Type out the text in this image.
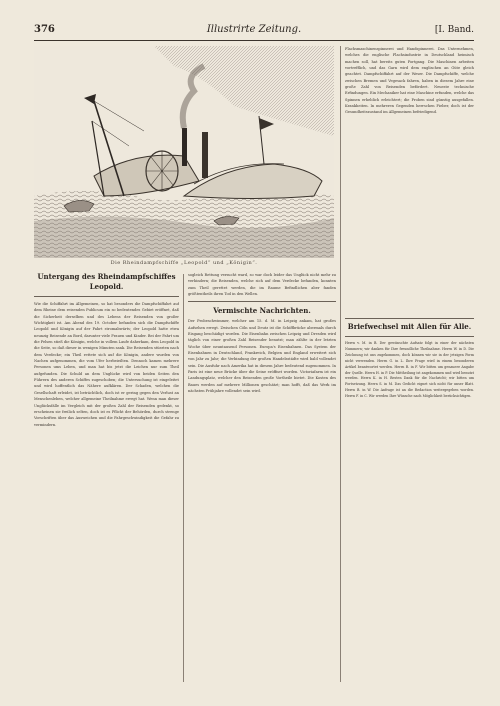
376	Illustrirte Zeitung.	[I. Band.
Die Rheindampfschiffe „Leopold“ und „Königin“.
Untergang des Rheindampfschiffes Leopold.

Wie die Schiffahrt im Allgemeinen, so hat besonders die Dampfschiffahrt auf dem Rheine dem reisenden Publicum ein so bedeutendes Gebiet eröffnet, daß die Sicherheit derselben und des Lebens der Reisenden von großer Wichtigkeit ist. Am Abend des 19. October befanden sich die Dampfschiffe Leopold und Königin auf der Fahrt stromabwärts; der Leopold hatte etwa neunzig Reisende an Bord, darunter viele Frauen und Kinder. Bei der Fahrt um die Felsen stieß die Königin, welche in vollem Laufe daherkam, dem Leopold in die Seite, so daß dieser in wenigen Minuten sank. Die Reisenden stürzten nach dem Verdecke; ein Theil rettete sich auf die Königin, andere wurden von Nachen aufgenommen, die vom Ufer herbeieilten. Dennoch kamen mehrere Personen ums Leben, und man hat bis jetzt die Leichen nur zum Theil aufgefunden. Die Schuld an dem Unglücke wird von beiden Seiten den Führern des anderen Schiffes zugeschoben; die Untersuchung ist eingeleitet und wird hoffentlich das Nähere aufklären. Der Schaden, welchen die Gesellschaft erleidet, ist beträchtlich, doch ist er gering gegen den Verlust an Menschenleben, welcher allgemeine Theilnahme erregt hat. Wenn man dieser Unglücksfälle im Vergleich mit der großen Zahl der Reisenden gedenkt, so erscheinen sie freilich selten, doch ist es Pflicht der Behörden, durch strenge Vorschriften über das Ausweichen und die Fahrgeschwindigkeit die Gefahr zu vermindern.

sogleich Rettung versucht ward, so war doch leider das Unglück nicht mehr zu verhindern; die Reisenden, welche sich auf dem Verdecke befanden, konnten zum Theil gerettet werden, die im Raume Befindlichen aber fanden größtentheils ihren Tod in den Wellen.

Vermischte Nachrichten.

Der Probeschwimmer, welcher am 15. d. M. in Leipzig ankam, hat großes Aufsehen erregt. Zwischen Cöln und Deutz ist die Schiffbrücke abermals durch Eisgang beschädigt worden. Die Eisenbahn zwischen Leipzig und Dresden wird täglich von einer großen Zahl Reisender benutzt; man zählte in der letzten Woche über neuntausend Personen. Europa's Eisenbahnen. Das System der Eisenbahnen in Deutschland, Frankreich, Belgien und England erweitert sich von Jahr zu Jahr; die Verbindung der großen Handelsstädte wird bald vollendet sein. Die Ausfuhr nach Amerika hat in diesem Jahre bedeutend zugenommen. In Paris ist eine neue Brücke über die Seine eröffnet worden. Victoriafarm ist ein Landungsplatz, welcher den Reisenden große Vortheile bietet. Die Kosten des Baues werden auf mehrere Millionen geschätzt; man hofft, daß das Werk im nächsten Frühjahre vollendet sein wird.

Flachsmaschinenspinnerei und Handspinnerei. Das Unternehmen, welches die englische Flachsindustrie in Deutschland heimisch machen soll, hat bereits guten Fortgang. Die Maschinen arbeiten vortrefflich, und das Garn wird dem englischen an Güte gleich geachtet. Dampfschiffahrt auf der Weser. Die Dampfschiffe, welche zwischen Bremen und Vegesack fahren, haben in diesem Jahre eine große Zahl von Reisenden befördert. Neueste technische Erfindungen. Ein Mechaniker hat eine Maschine erfunden, welche das Spinnen erheblich erleichtert; die Proben sind günstig ausgefallen. Krankheiten. In mehreren Gegenden herrschen Fieber, doch ist der Gesundheitszustand im Allgemeinen befriedigend.

Briefwechsel mit Allen für Alle.

Herrn v. M. in B. Der gewünschte Aufsatz folgt in einer der nächsten Nummern; wir danken für Ihre freundliche Theilnahme. Herrn W. in D. Die Zeichnung ist uns zugekommen, doch können wir sie in der jetzigen Form nicht verwenden. Herrn G. in L. Ihre Frage wird in einem besonderen Artikel beantwortet werden. Herrn R. in F. Wir bitten um genauere Angabe der Quelle. Herrn H. in P. Die Mittheilung ist angekommen und wird benutzt werden. Herrn K. in H. Besten Dank für die Nachricht; wir bitten um Fortsetzung. Herrn S. in M. Das Gedicht eignet sich nicht für unser Blatt. Herrn B. in W. Die Anfrage ist an die Redaction weitergegeben worden. Herrn F. in C. Wir werden Ihre Wünsche nach Möglichkeit berücksichtigen.
